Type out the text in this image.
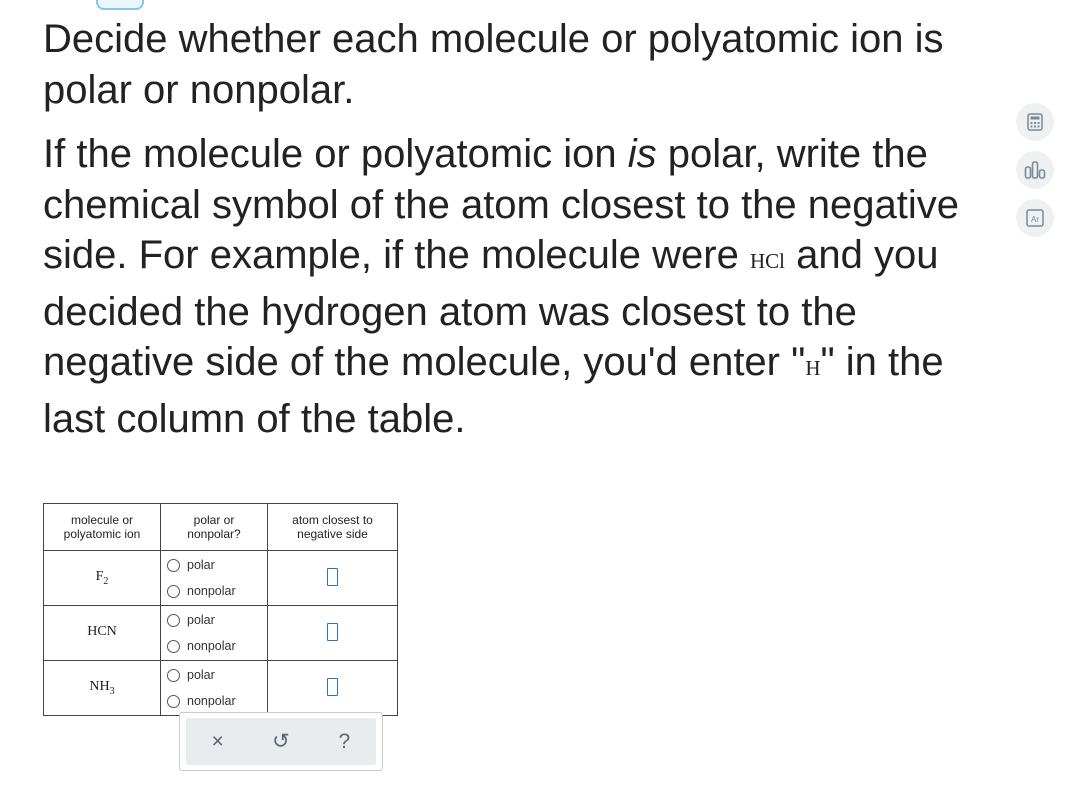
Decide whether each molecule or polyatomic ion is polar or nonpolar.

If the molecule or polyatomic ion is polar, write the chemical symbol of the atom closest to the negative side. For example, if the molecule were HCl and you decided the hydrogen atom was closest to the negative side of the molecule, you'd enter "H" in the last column of the table.

Ar
molecule or polyatomic ion	polar or nonpolar?	atom closest to negative side
$F_2$	polar
nonpolar	

HCN	polar
nonpolar	

$NH_3$	polar
nonpolar	

×	↺	?
